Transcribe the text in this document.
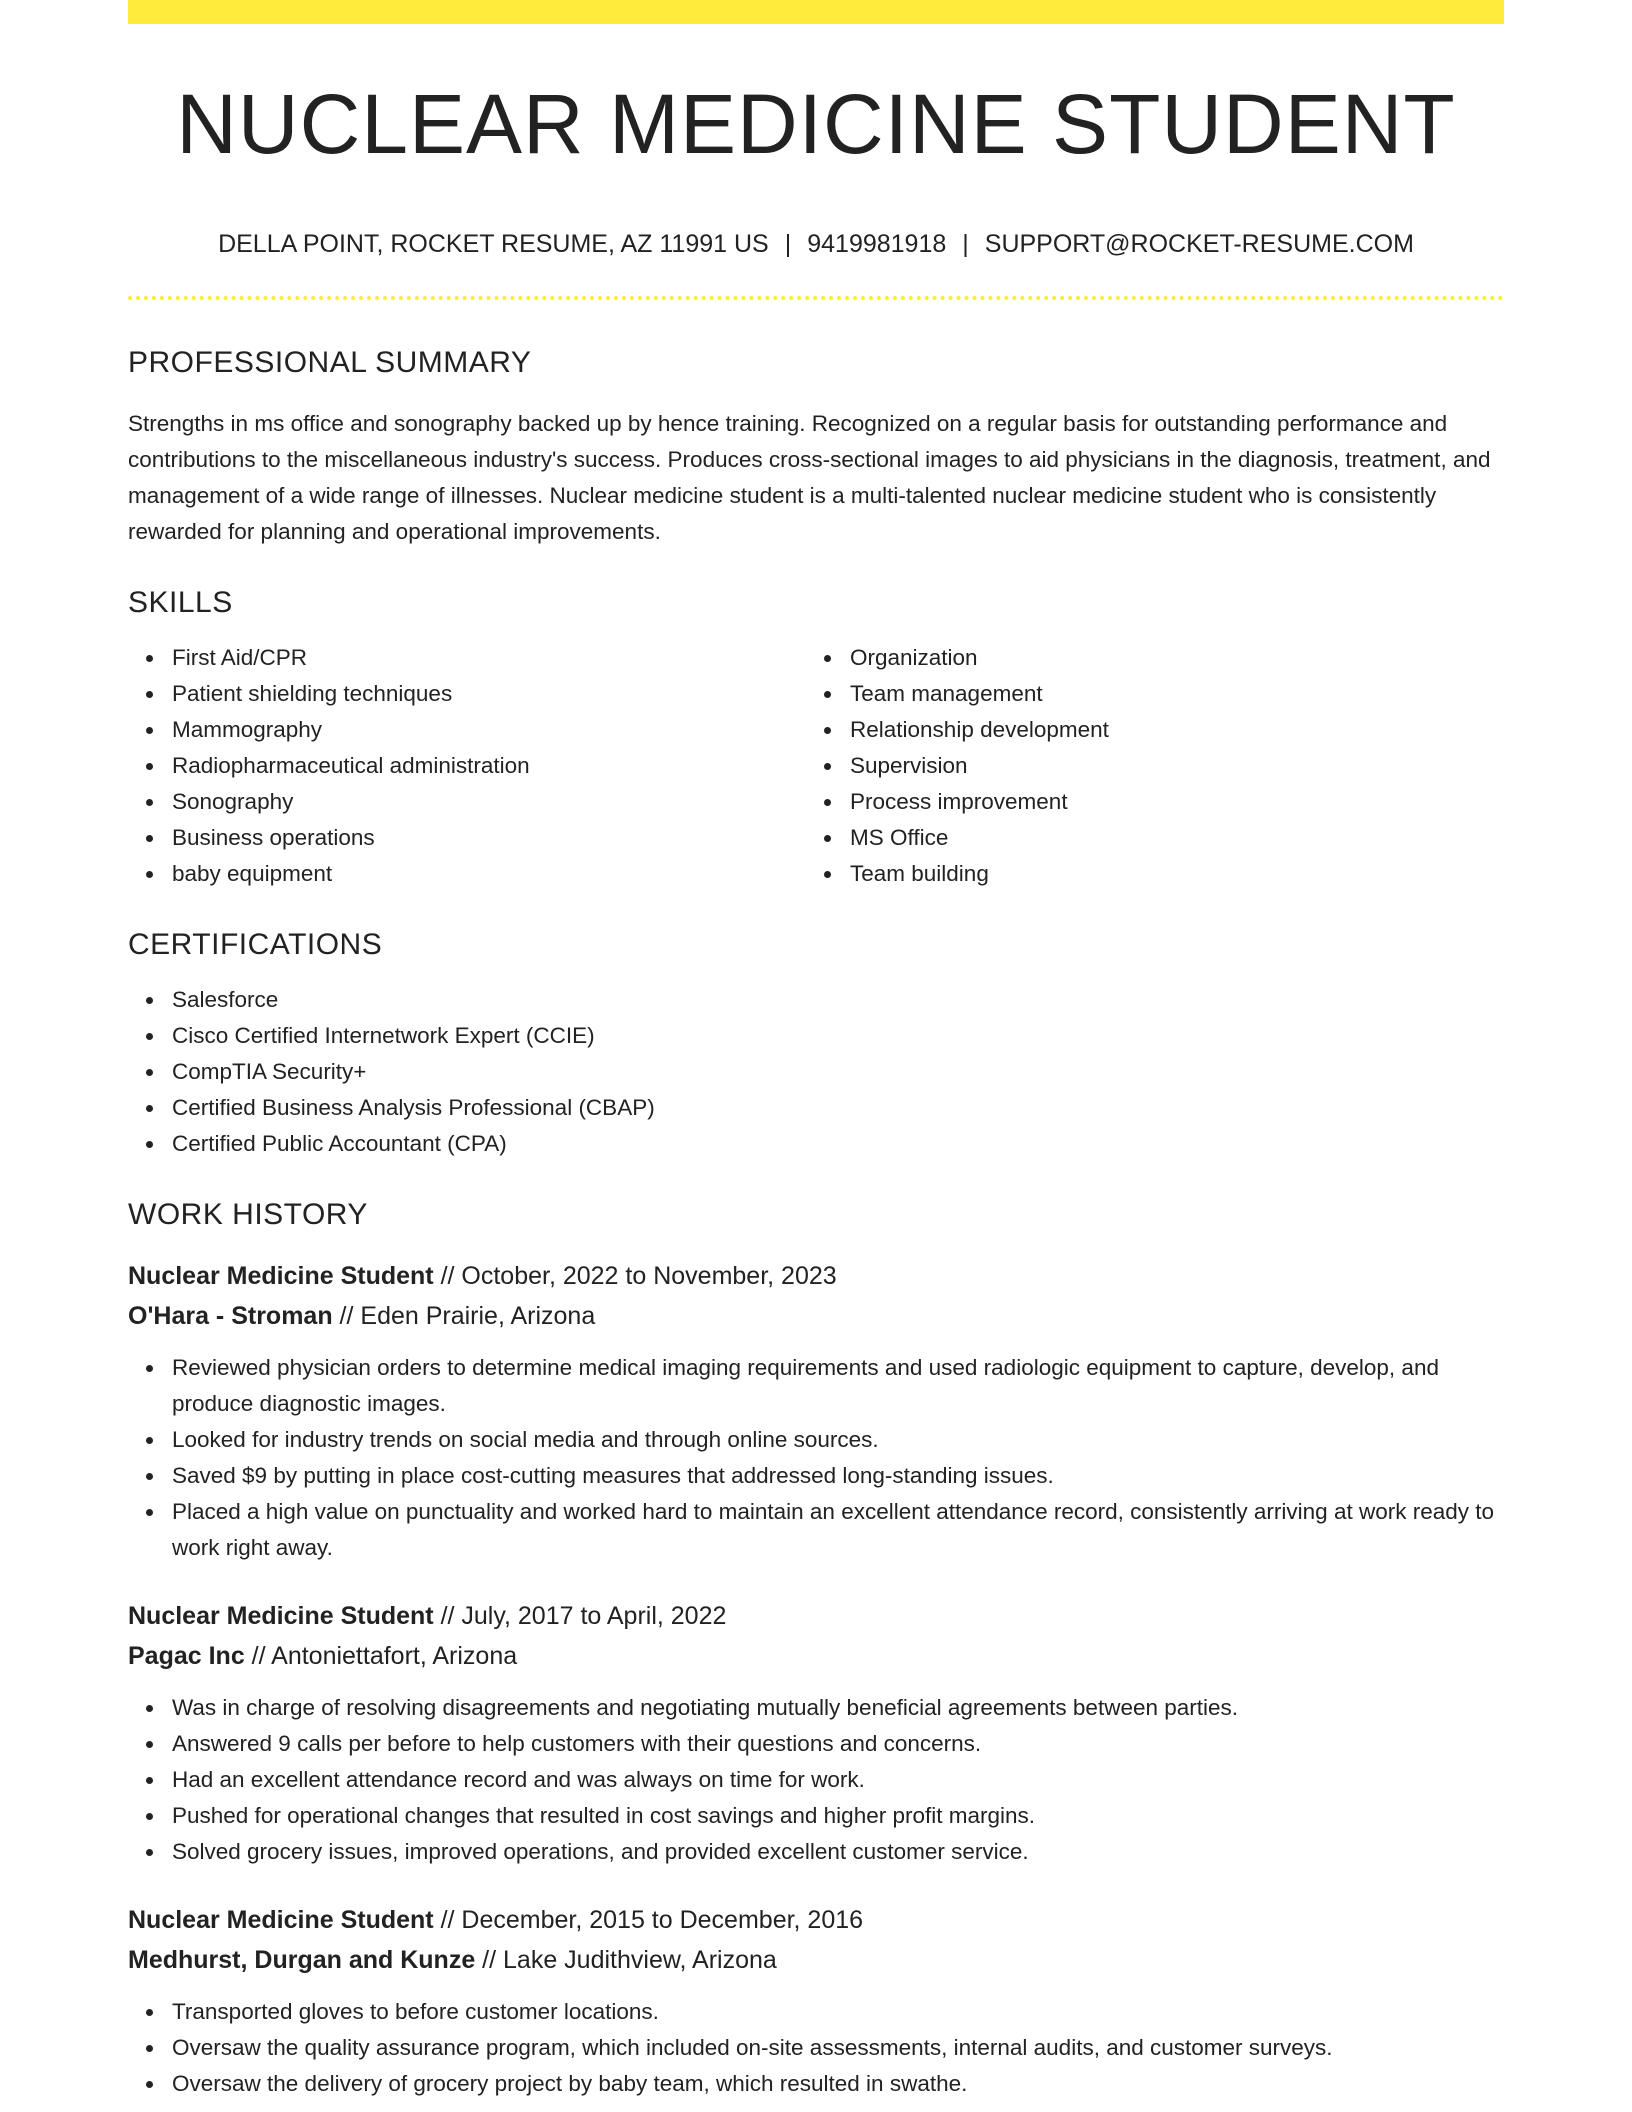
NUCLEAR MEDICINE STUDENT
DELLA POINT, ROCKET RESUME, AZ 11991 US | 9419981918 | SUPPORT@ROCKET-RESUME.COM
PROFESSIONAL SUMMARY

Strengths in ms office and sonography backed up by hence training. Recognized on a regular basis for outstanding performance and contributions to the miscellaneous industry's success. Produces cross-sectional images to aid physicians in the diagnosis, treatment, and management of a wide range of illnesses. Nuclear medicine student is a multi-talented nuclear medicine student who is consistently rewarded for planning and operational improvements.

SKILLS
First Aid/CPR
Patient shielding techniques
Mammography
Radiopharmaceutical administration
Sonography
Business operations
baby equipment
Organization
Team management
Relationship development
Supervision
Process improvement
MS Office
Team building
CERTIFICATIONS
Salesforce
Cisco Certified Internetwork Expert (CCIE)
CompTIA Security+
Certified Business Analysis Professional (CBAP)
Certified Public Accountant (CPA)
WORK HISTORY
Nuclear Medicine Student // October, 2022 to November, 2023
O'Hara - Stroman // Eden Prairie, Arizona
Reviewed physician orders to determine medical imaging requirements and used radiologic equipment to capture, develop, and produce diagnostic images.
Looked for industry trends on social media and through online sources.
Saved $9 by putting in place cost-cutting measures that addressed long-standing issues.
Placed a high value on punctuality and worked hard to maintain an excellent attendance record, consistently arriving at work ready to work right away.
Nuclear Medicine Student // July, 2017 to April, 2022
Pagac Inc // Antoniettafort, Arizona
Was in charge of resolving disagreements and negotiating mutually beneficial agreements between parties.
Answered 9 calls per before to help customers with their questions and concerns.
Had an excellent attendance record and was always on time for work.
Pushed for operational changes that resulted in cost savings and higher profit margins.
Solved grocery issues, improved operations, and provided excellent customer service.
Nuclear Medicine Student // December, 2015 to December, 2016
Medhurst, Durgan and Kunze // Lake Judithview, Arizona
Transported gloves to before customer locations.
Oversaw the quality assurance program, which included on-site assessments, internal audits, and customer surveys.
Oversaw the delivery of grocery project by baby team, which resulted in swathe.
